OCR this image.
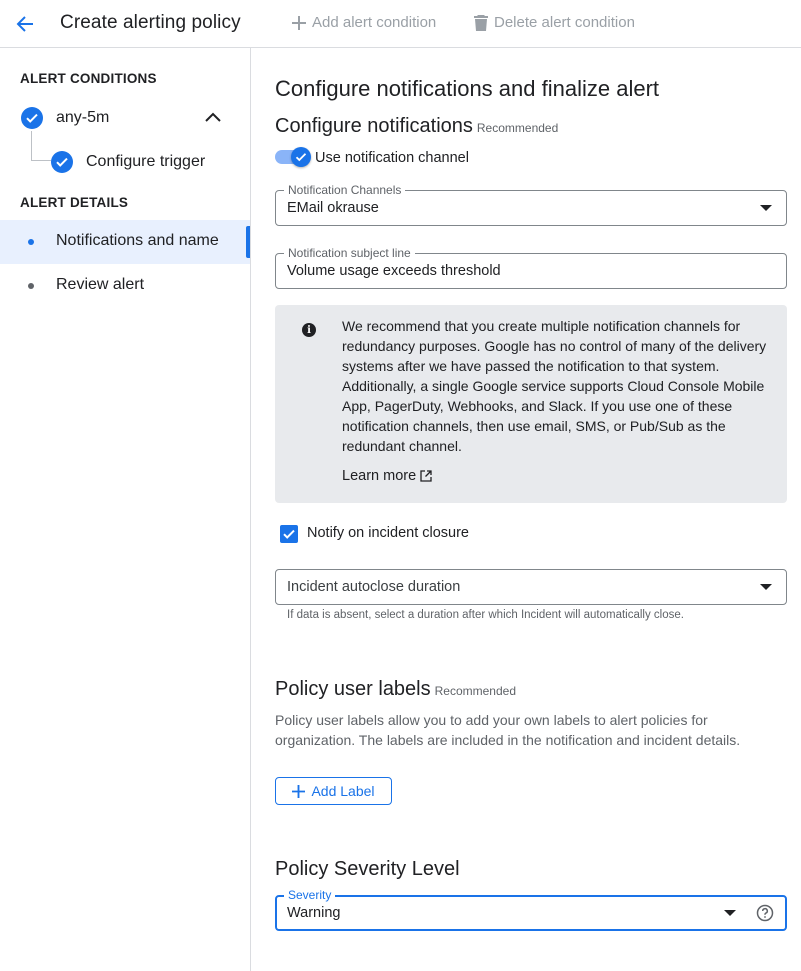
Create alerting policy	Add alert condition	Delete alert condition
ALERT CONDITIONS
any-5m
Configure trigger
ALERT DETAILS
Notifications and name
Review alert
Configure notifications and finalize alert
Configure notifications Recommended
Use notification channel
Notification Channels
EMail okrause
Notification subject line
Volume usage exceeds threshold
i	We recommend that you create multiple notification channels for redundancy purposes. Google has no control of many of the delivery systems after we have passed the notification to that system. Additionally, a single Google service supports Cloud Console Mobile App, PagerDuty, Webhooks, and Slack. If you use one of these notification channels, then use email, SMS, or Pub/Sub as the redundant channel.
Learn more
Notify on incident closure
Incident autoclose duration
If data is absent, select a duration after which Incident will automatically close.
Policy user labels Recommended
Policy user labels allow you to add your own labels to alert policies for organization. The labels are included in the notification and incident details.
Add Label
Policy Severity Level
Severity
Warning
